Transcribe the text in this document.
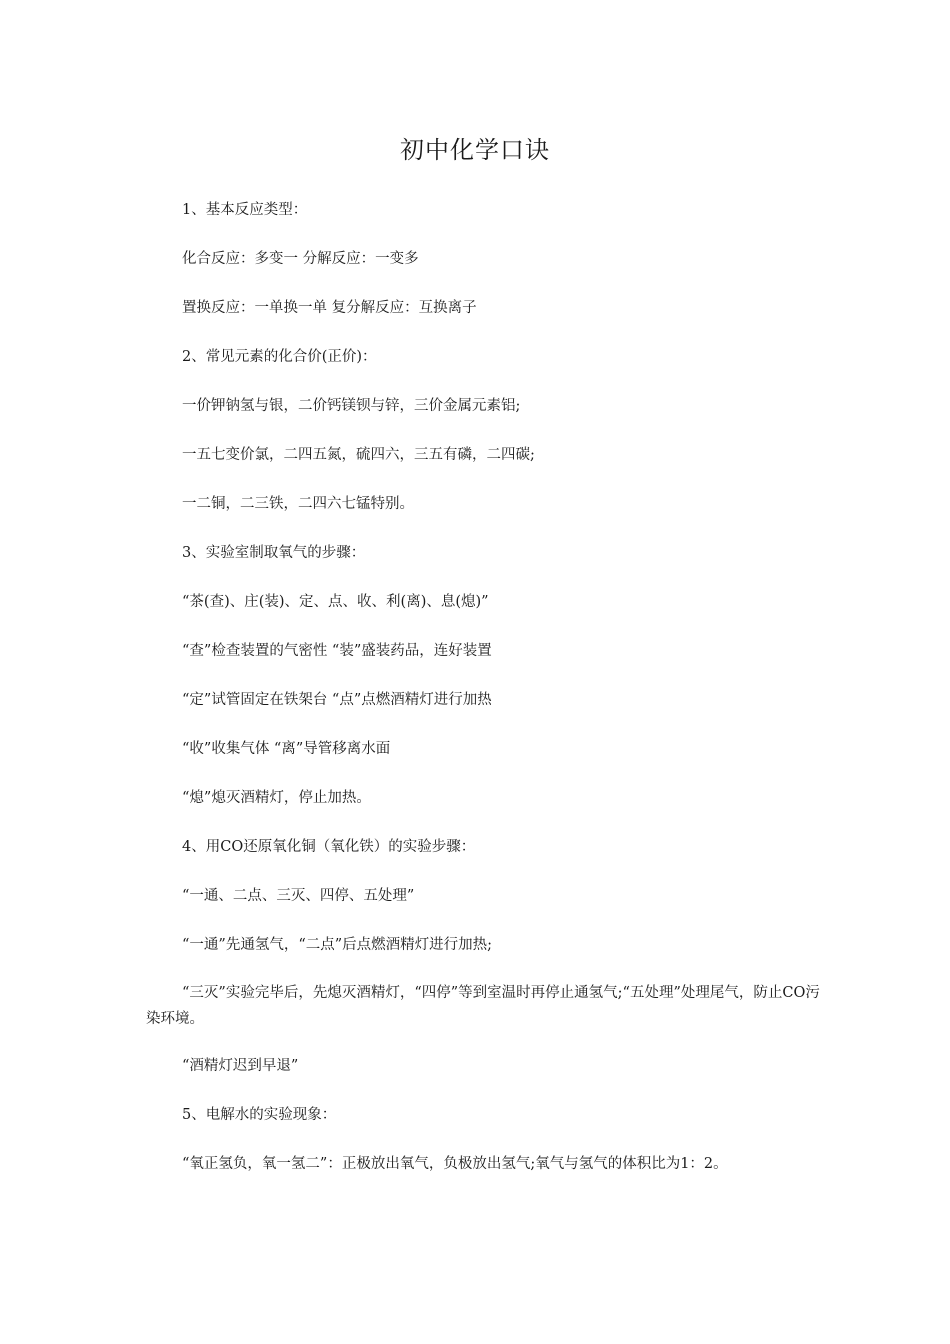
初中化学口诀

1、基本反应类型：

化合反应：多变一 分解反应：一变多

置换反应：一单换一单 复分解反应：互换离子

2、常见元素的化合价(正价)：

一价钾钠氢与银，二价钙镁钡与锌，三价金属元素铝;

一五七变价氯，二四五氮，硫四六，三五有磷，二四碳;

一二铜，二三铁，二四六七锰特别。

3、实验室制取氧气的步骤：

“茶(查)、庄(装)、定、点、收、利(离)、息(熄)”

“查”检查装置的气密性 “装”盛装药品，连好装置

“定”试管固定在铁架台 “点”点燃酒精灯进行加热

“收”收集气体 “离”导管移离水面

“熄”熄灭酒精灯，停止加热。

4、用CO还原氧化铜（氧化铁）的实验步骤：

“一通、二点、三灭、四停、五处理”

“一通”先通氢气，“二点”后点燃酒精灯进行加热;

“三灭”实验完毕后，先熄灭酒精灯，“四停”等到室温时再停止通氢气;“五处理”处理尾气，防止CO污染环境。

“酒精灯迟到早退”

5、电解水的实验现象：

“氧正氢负，氧一氢二”：正极放出氧气，负极放出氢气;氧气与氢气的体积比为1：2。
